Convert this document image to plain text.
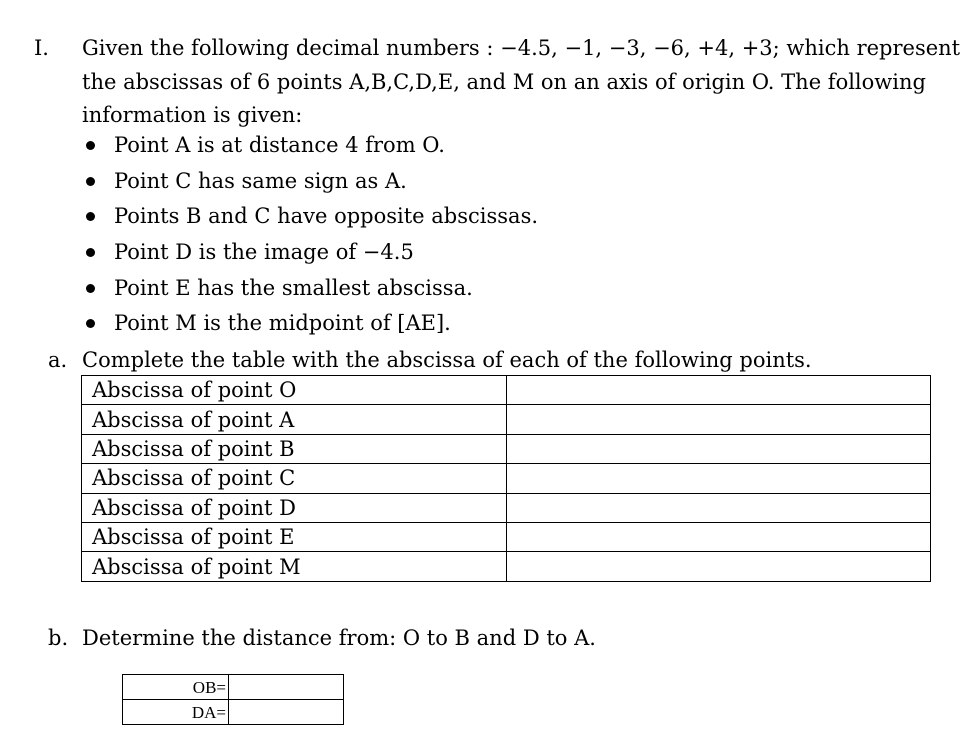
I. Given the following decimal numbers : −4.5, −1, −3, −6, +4, +3; which represent the abscissas of 6 points A,B,C,D,E, and M on an axis of origin O. The following information is given:
Point A is at distance 4 from O.
Point C has same sign as A.
Points B and C have opposite abscissas.
Point D is the image of −4.5
Point E has the smallest abscissa.
Point M is the midpoint of [AE].
a. Complete the table with the abscissa of each of the following points.
Abscissa of point O	
Abscissa of point A	
Abscissa of point B	
Abscissa of point C	
Abscissa of point D	
Abscissa of point E	
Abscissa of point M	
b. Determine the distance from: O to B and D to A.
OB=	
DA=	
